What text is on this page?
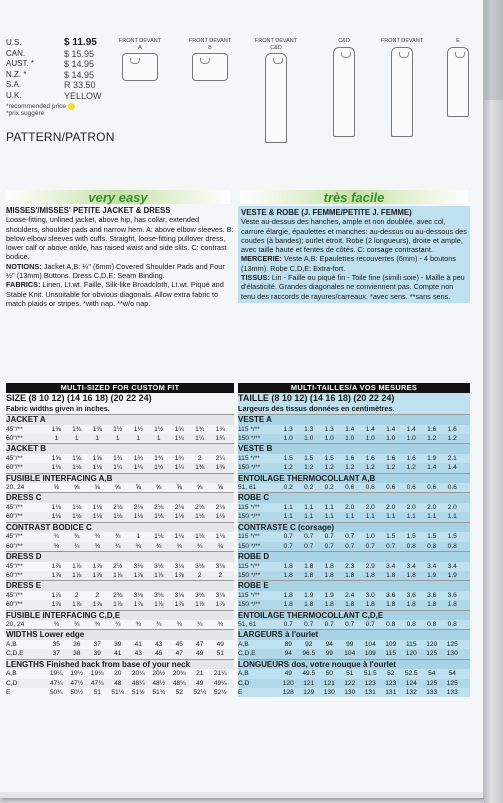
U.S.	$ 11.95
CAN.	$ 15.95
AUST. *	$ 14.95
N.Z. *	$ 14.95
S.A.	R 33.50
U.K.	YELLOW
*recommended price
*prix suggéré
PATTERN/PATRON
FRONT DEVANT A
FRONT DEVANT B
FRONT DEVANT C&D
C&D	FRONT DEVANT	E
very easy	très facile
MISSES'/MISSES' PETITE JACKET & DRESS
Loose-fitting, unlined jacket, above hip, has collar, extended shoulders, shoulder pads and narrow hem. A: above elbow sleeves. B: below elbow sleeves with cuffs. Straight, loose-fitting pullover dress, lower calf or above ankle, has raised waist and side slits. C: contrast bodice.
NOTIONS: Jacket A,B: ¼" (6mm) Covered Shoulder Pads and Four ½" (13mm) Buttons. Dress C,D,E: Seam Binding.
FABRICS: Linen, Lt.wt. Faille, Silk-like Broadcloth, Lt.wt. Piqué and Stable Knit. Unsuitable for obvious diagonals. Allow extra fabric to match plaids or stripes. *with nap. **w/o nap.
VESTE & ROBE (J. FEMME/PETITE J. FEMME)
Veste au-dessus des hanches, ample et non doublée, avec col, carrure élargie, épaulettes et manches: au-dessus ou au-dessous des coudes (à bandes); ourlet étroit. Robe (2 longueurs), droite et ample, avec taille haute et fentes de côtés. C: corsage contrastant.
MERCERIE: Veste A,B: Epaulettes recouvertes (6mm) - 4 boutons (13mm). Robe C,D,E: Extra-fort.
TISSUS: Lin - Faille ou piqué fin - Toile fine (simili soie) - Maille à peu d'élasticité. Grandes diagonales ne conviennent pas. Compte non tenu des raccords de rayures/carreaux. *avec sens. **sans sens.
MULTI-SIZED FOR CUSTOM FIT
SIZE (8 10 12) (14 16 18) (20 22 24)
Fabric widths given in inches.
JACKET A
45"/**	1⅜	1⅜	1⅜	1½	1½	1½	1¾	1¾	1¾
60"/**	1	1	1	1	1	1	1¼	1¼	1¼
JACKET B
45"/**	1⅝	1⅝	1⅝	1¾	1¾	1¾	1¾	2	2¼
60"/**	1⅛	1⅛	1⅛	1¼	1¼	1¼	1¼	1⅜	1⅜
FUSIBLE INTERFACING A,B
20, 24	⅝	⅝	⅝	⅝	⅝	⅝	⅝	⅝	⅝
DRESS C
45"/**	1⅛	1⅛	1⅛	2⅛	2⅛	2⅛	2⅛	2⅛	2⅛
60"/**	1⅛	1⅛	1⅛	1⅛	1⅛	1⅛	1⅛	1⅛	1⅛
CONTRAST BODICE C
45"/**	¾	¾	¾	¾	1	1⅛	1⅛	1⅛	1⅛
60"/**	¾	¾	¾	¾	¾	¾	¾	¾	¾
DRESS D
45"/**	1⅞	1⅞	1⅞	2½	3⅛	3⅛	3⅛	3⅛	3⅛
60"/**	1⅞	1⅞	1⅞	1⅞	1⅞	1⅞	1⅞	2	2
DRESS E
45"/**	1⅞	2	2	2⅜	3⅛	3⅛	3⅛	3⅛	3⅛
60"/**	1⅞	1⅞	1⅞	1⅞	1⅞	1⅞	1⅞	1⅞	1⅞
FUSIBLE INTERFACING C,D,E
20, 24	¾	¾	¾	¾	¾	¾	¾	¾	¾
WIDTHS Lower edge
A,B	35	36	37	39	41	43	45	47	49
C,D,E	37	38	39	41	43	45	47	49	51
LENGTHS Finished back from base of your neck
A,B	19¼	19½	19¾	20	20¼	20½	20¾	21	21¼
C,D	47¼	47½	47¾	48	48¼	48½	48¾	49	49¼
E	50¼	50½	51	51¼	51½	51¾	52	52¼	52½
MULTI-TAILLES/A VOS MESURES
TAILLE (8 10 12) (14 16 18) (20 22 24)
Largeurs des tissus données en centimètres.
VESTE A
115 */**	1.3	1.3	1.3	1.4	1.4	1.4	1.4	1.6	1.6
150 */**	1.0	1.0	1.0	1.0	1.0	1.0	1.0	1.2	1.2
VESTE B
115 */**	1.5	1.5	1.5	1.6	1.6	1.6	1.6	1.9	2.1
150 */**	1.2	1.2	1.2	1.2	1.2	1.2	1.2	1.4	1.4
ENTOILAGE THERMOCOLLANT A,B
51, 61	0.2	0.2	0.2	0.6	0.6	0.6	0.6	0.6	0.6
ROBE C
115 */**	1.1	1.1	1.1	2.0	2.0	2.0	2.0	2.0	2.0
150 */**	1.1	1.1	1.1	1.1	1.1	1.1	1.1	1.1	1.1
CONTRASTE C (corsage)
115 */**	0.7	0.7	0.7	0.7	1.0	1.5	1.5	1.5	1.5
150 */**	0.7	0.7	0.7	0.7	0.7	0.7	0.8	0.8	0.8
ROBE D
115 */**	1.8	1.8	1.8	2.3	2.9	3.4	3.4	3.4	3.4
150 */**	1.8	1.8	1.8	1.8	1.8	1.8	1.8	1.9	1.9
ROBE E
115 */**	1.8	1.9	1.9	2.4	3.0	3.6	3.6	3.6	3.6
150 */**	1.8	1.8	1.8	1.8	1.8	1.8	1.8	1.8	1.8
ENTOILAGE THERMOCOLLANT C,D,E
51, 61	0.7	0.7	0.7	0.7	0.7	0.8	0.8	0.8	0.8
LARGEURS à l'ourlet
A,B	89	92	94	99	104	109	115	120	125
C,D,E	94	96.5	99	104	109	115	120	125	130
LONGUEURS dos, votre nouque à l'ourlet
A,B	49	49.5	50	51	51.5	52	52.5	54	54
C,D	120	121	121	122	123	123	124	125	125
E	128	129	130	130	131	131	132	133	133
